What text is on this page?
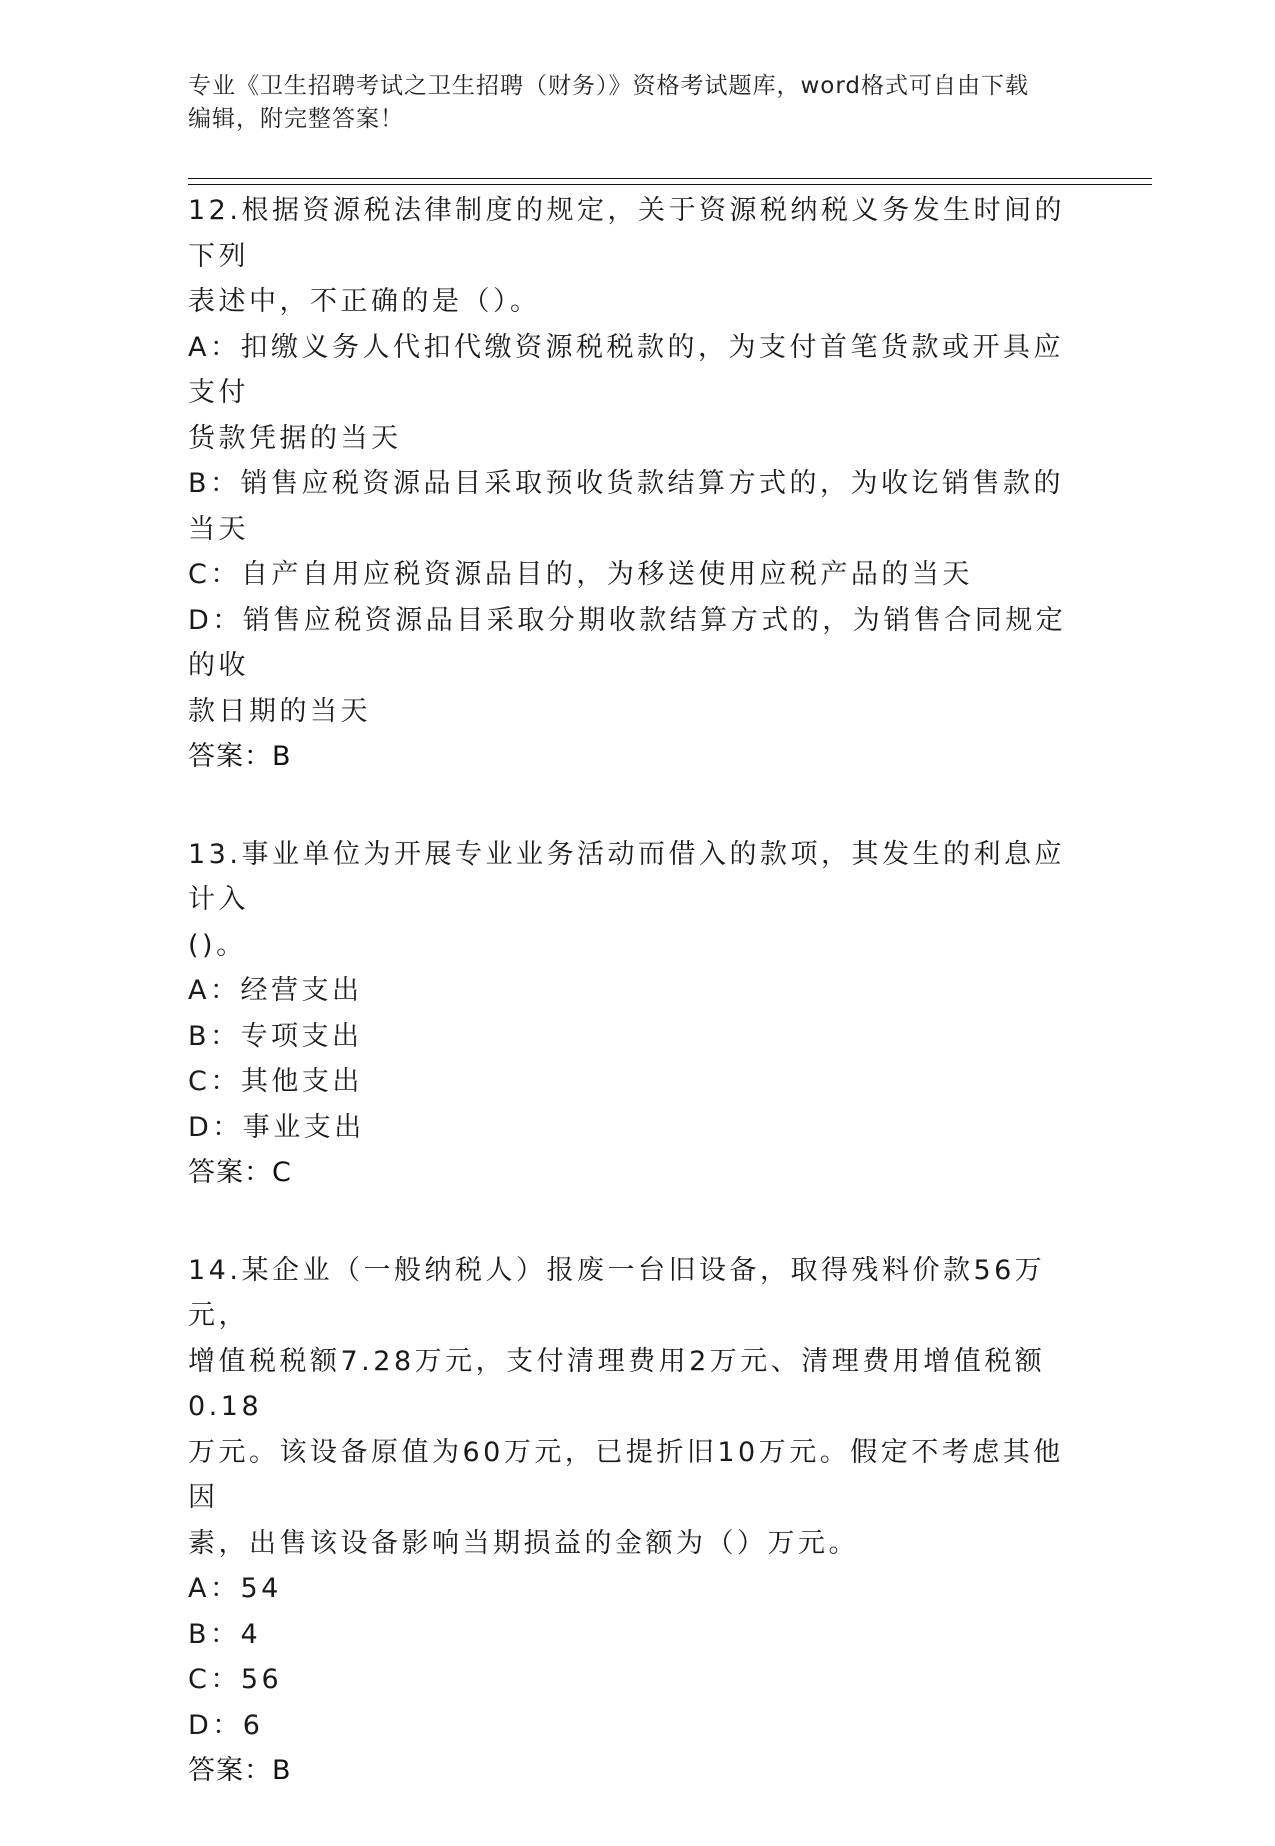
专业《卫生招聘考试之卫生招聘（财务）》资格考试题库，word格式可自由下载
编辑，附完整答案！

12.根据资源税法律制度的规定，关于资源税纳税义务发生时间的下列

表述中，不正确的是（）。

A：扣缴义务人代扣代缴资源税税款的，为支付首笔货款或开具应支付

货款凭据的当天

B：销售应税资源品目采取预收货款结算方式的，为收讫销售款的当天

C：自产自用应税资源品目的，为移送使用应税产品的当天

D：销售应税资源品目采取分期收款结算方式的，为销售合同规定的收

款日期的当天

答案：B

13.事业单位为开展专业业务活动而借入的款项，其发生的利息应计入

()。

A：经营支出

B：专项支出

C：其他支出

D：事业支出

答案：C

14.某企业（一般纳税人）报废一台旧设备，取得残料价款56万元，

增值税税额7.28万元，支付清理费用2万元、清理费用增值税额0.18

万元。该设备原值为60万元，已提折旧10万元。假定不考虑其他因

素，出售该设备影响当期损益的金额为（）万元。

A：54

B：4

C：56

D：6

答案：B
